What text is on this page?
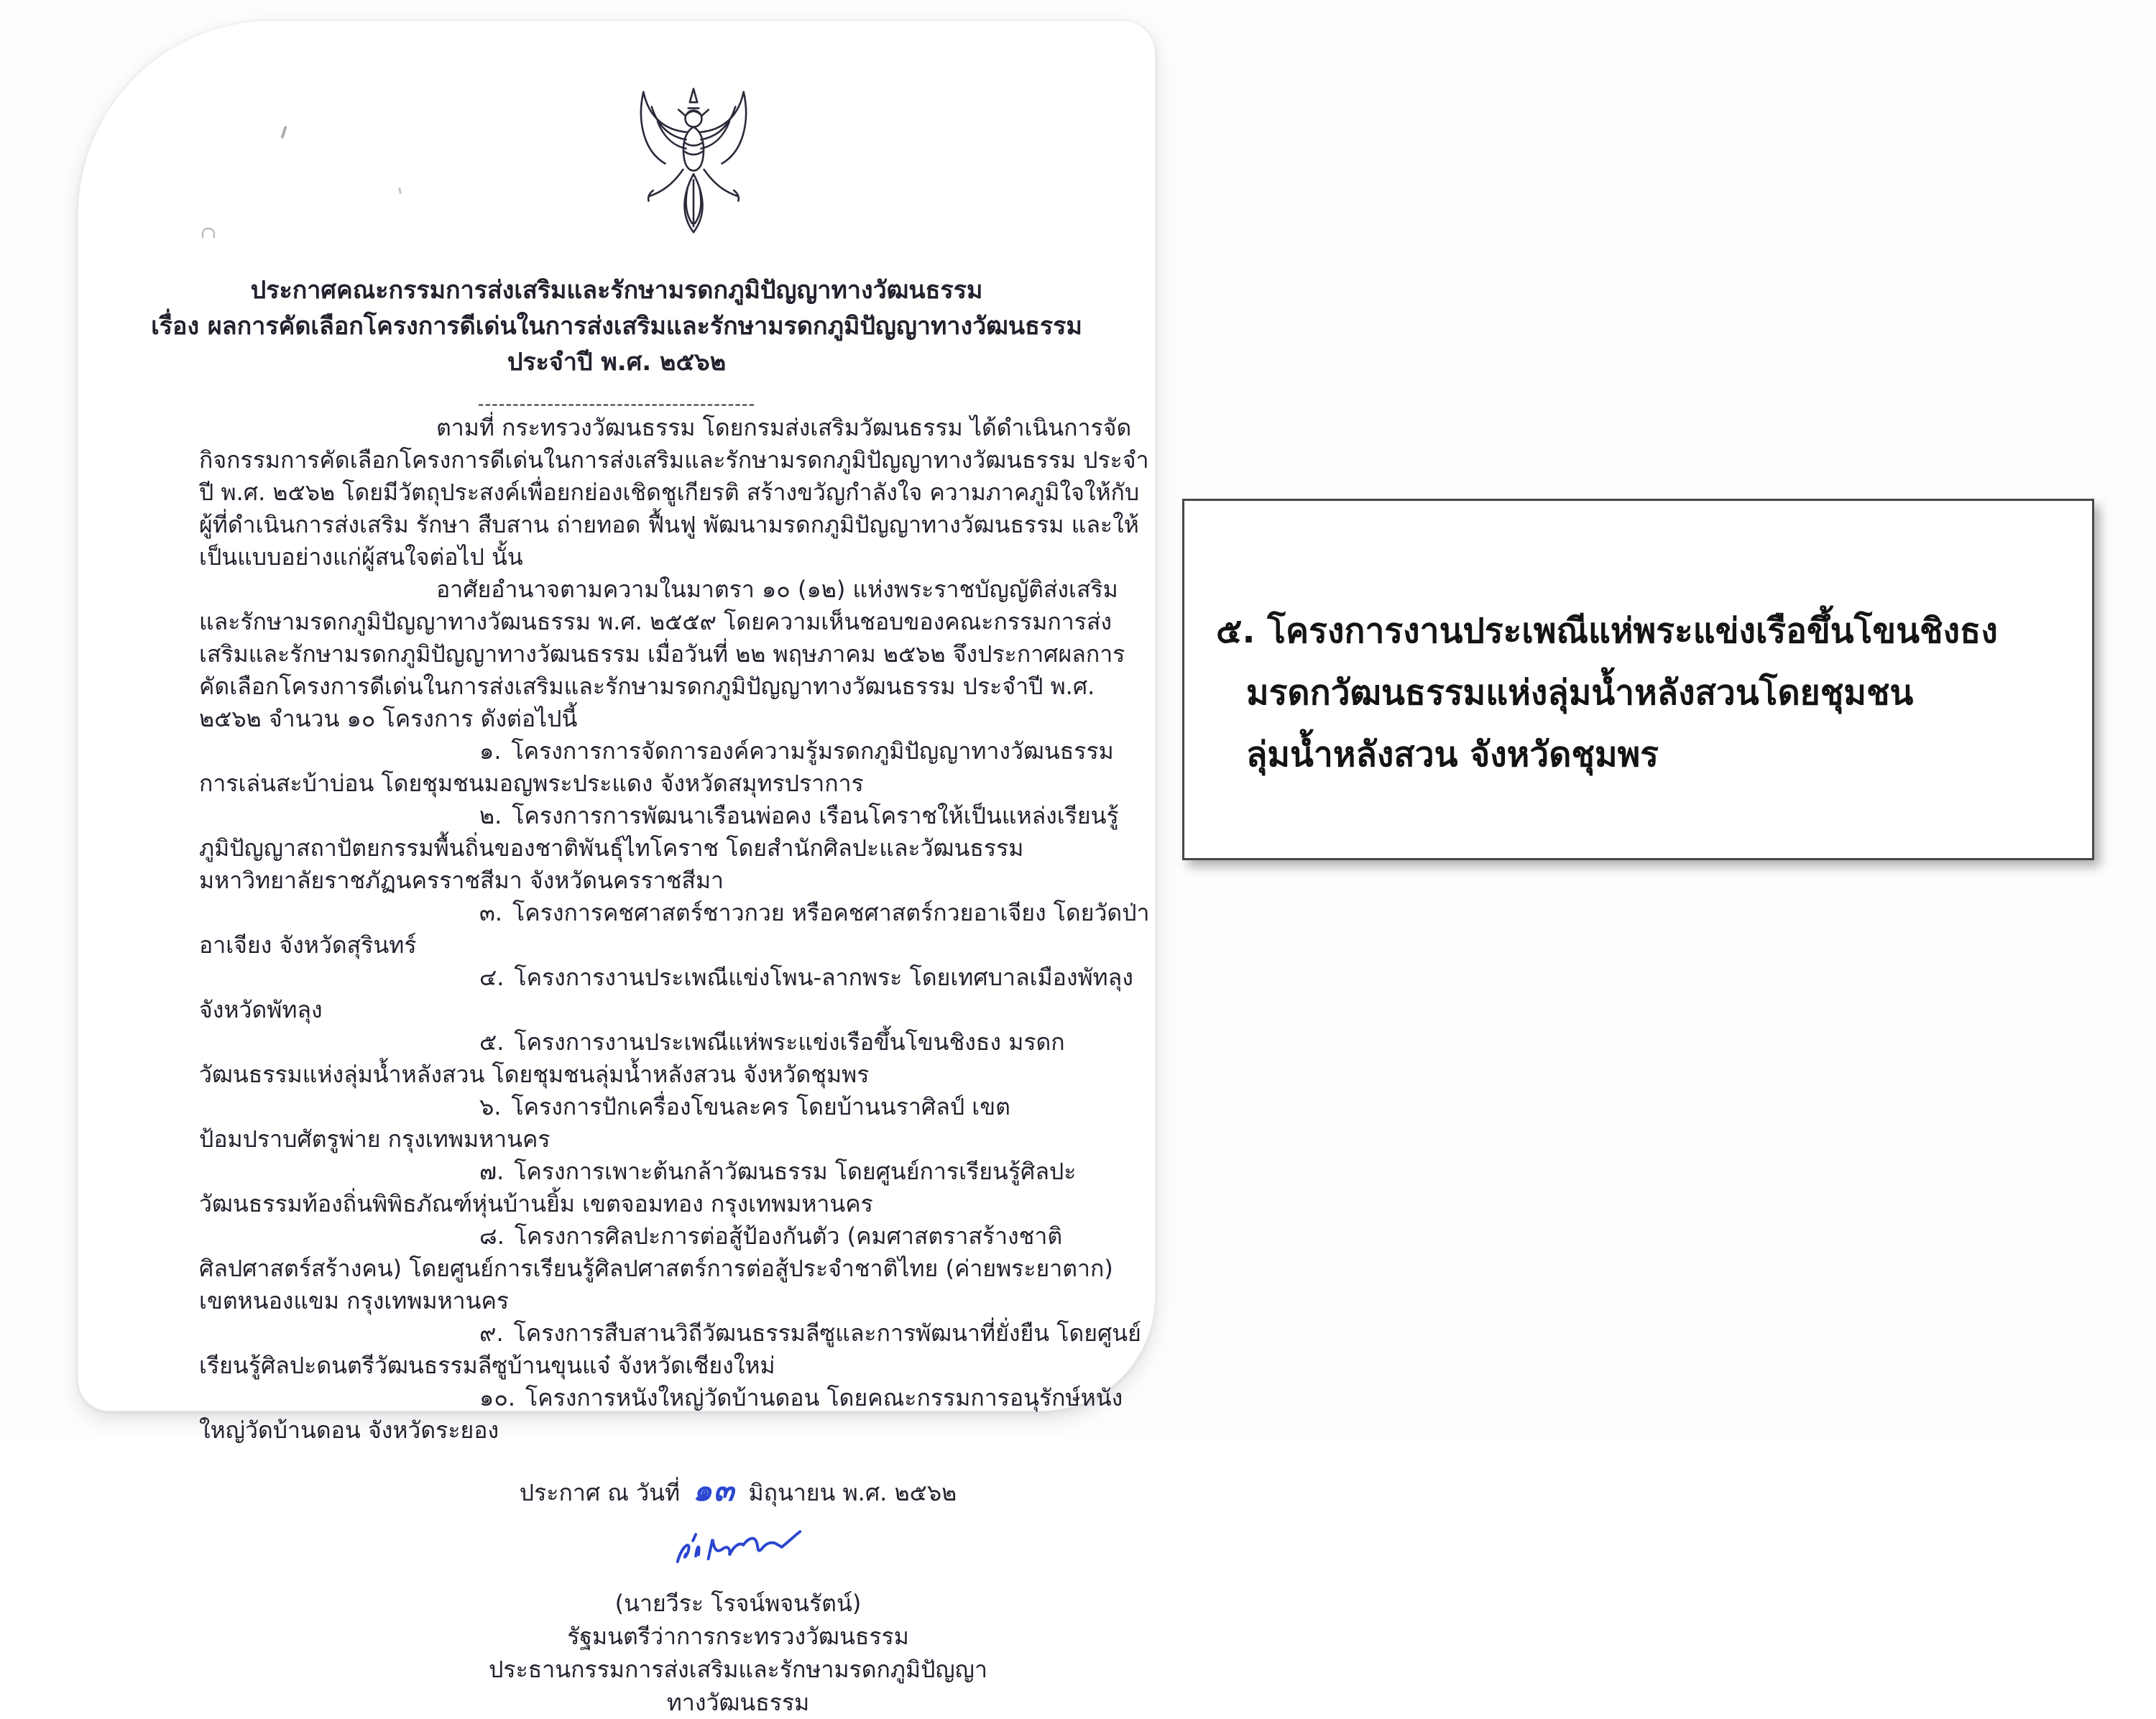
ประกาศคณะกรรมการส่งเสริมและรักษามรดกภูมิปัญญาทางวัฒนธรรม
เรื่อง ผลการคัดเลือกโครงการดีเด่นในการส่งเสริมและรักษามรดกภูมิปัญญาทางวัฒนธรรม
ประจำปี พ.ศ. ๒๕๖๒
----------------------------------------

ตามที่ กระทรวงวัฒนธรรม โดยกรมส่งเสริมวัฒนธรรม ได้ดำเนินการจัดกิจกรรมการคัดเลือกโครงการดีเด่นในการส่งเสริมและรักษามรดกภูมิปัญญาทางวัฒนธรรม ประจำปี พ.ศ. ๒๕๖๒ โดยมีวัตถุประสงค์เพื่อยกย่องเชิดชูเกียรติ สร้างขวัญกำลังใจ ความภาคภูมิใจให้กับผู้ที่ดำเนินการส่งเสริม รักษา สืบสาน ถ่ายทอด ฟื้นฟู พัฒนามรดกภูมิปัญญาทางวัฒนธรรม และให้เป็นแบบอย่างแก่ผู้สนใจต่อไป นั้น

อาศัยอำนาจตามความในมาตรา ๑๐ (๑๒) แห่งพระราชบัญญัติส่งเสริมและรักษามรดกภูมิปัญญาทางวัฒนธรรม พ.ศ. ๒๕๕๙ โดยความเห็นชอบของคณะกรรมการส่งเสริมและรักษามรดกภูมิปัญญาทางวัฒนธรรม เมื่อวันที่ ๒๒ พฤษภาคม ๒๕๖๒ จึงประกาศผลการคัดเลือกโครงการดีเด่นในการส่งเสริมและรักษามรดกภูมิปัญญาทางวัฒนธรรม ประจำปี พ.ศ. ๒๕๖๒ จำนวน ๑๐ โครงการ ดังต่อไปนี้

๑. โครงการการจัดการองค์ความรู้มรดกภูมิปัญญาทางวัฒนธรรมการเล่นสะบ้าบ่อน โดยชุมชนมอญพระประแดง จังหวัดสมุทรปราการ
๒. โครงการการพัฒนาเรือนพ่อคง เรือนโคราชให้เป็นแหล่งเรียนรู้ภูมิปัญญาสถาปัตยกรรมพื้นถิ่นของชาติพันธุ์ไทโคราช โดยสำนักศิลปะและวัฒนธรรม มหาวิทยาลัยราชภัฏนครราชสีมา จังหวัดนครราชสีมา
๓. โครงการคชศาสตร์ชาวกวย หรือคชศาสตร์กวยอาเจียง โดยวัดป่าอาเจียง จังหวัดสุรินทร์
๔. โครงการงานประเพณีแข่งโพน-ลากพระ โดยเทศบาลเมืองพัทลุง จังหวัดพัทลุง
๕. โครงการงานประเพณีแห่พระแข่งเรือขึ้นโขนชิงธง มรดกวัฒนธรรมแห่งลุ่มน้ำหลังสวน โดยชุมชนลุ่มน้ำหลังสวน จังหวัดชุมพร
๖. โครงการปักเครื่องโขนละคร โดยบ้านนราศิลป์ เขตป้อมปราบศัตรูพ่าย กรุงเทพมหานคร
๗. โครงการเพาะต้นกล้าวัฒนธรรม โดยศูนย์การเรียนรู้ศิลปะวัฒนธรรมท้องถิ่นพิพิธภัณฑ์หุ่นบ้านยิ้ม เขตจอมทอง กรุงเทพมหานคร
๘. โครงการศิลปะการต่อสู้ป้องกันตัว (คมศาสตราสร้างชาติ ศิลปศาสตร์สร้างคน) โดยศูนย์การเรียนรู้ศิลปศาสตร์การต่อสู้ประจำชาติไทย (ค่ายพระยาตาก) เขตหนองแขม กรุงเทพมหานคร
๙. โครงการสืบสานวิถีวัฒนธรรมลีซูและการพัฒนาที่ยั่งยืน โดยศูนย์เรียนรู้ศิลปะดนตรีวัฒนธรรมลีซูบ้านขุนแจ๋ จังหวัดเชียงใหม่
๑๐. โครงการหนังใหญ่วัดบ้านดอน โดยคณะกรรมการอนุรักษ์หนังใหญ่วัดบ้านดอน จังหวัดระยอง
ประกาศ ณ วันที่ ๑๓ มิถุนายน พ.ศ. ๒๕๖๒
(นายวีระ โรจน์พจนรัตน์)
รัฐมนตรีว่าการกระทรวงวัฒนธรรม
ประธานกรรมการส่งเสริมและรักษามรดกภูมิปัญญาทางวัฒนธรรม
๕. โครงการงานประเพณีแห่พระแข่งเรือขึ้นโขนชิงธง
มรดกวัฒนธรรมแห่งลุ่มน้ำหลังสวนโดยชุมชน
ลุ่มน้ำหลังสวน จังหวัดชุมพร
